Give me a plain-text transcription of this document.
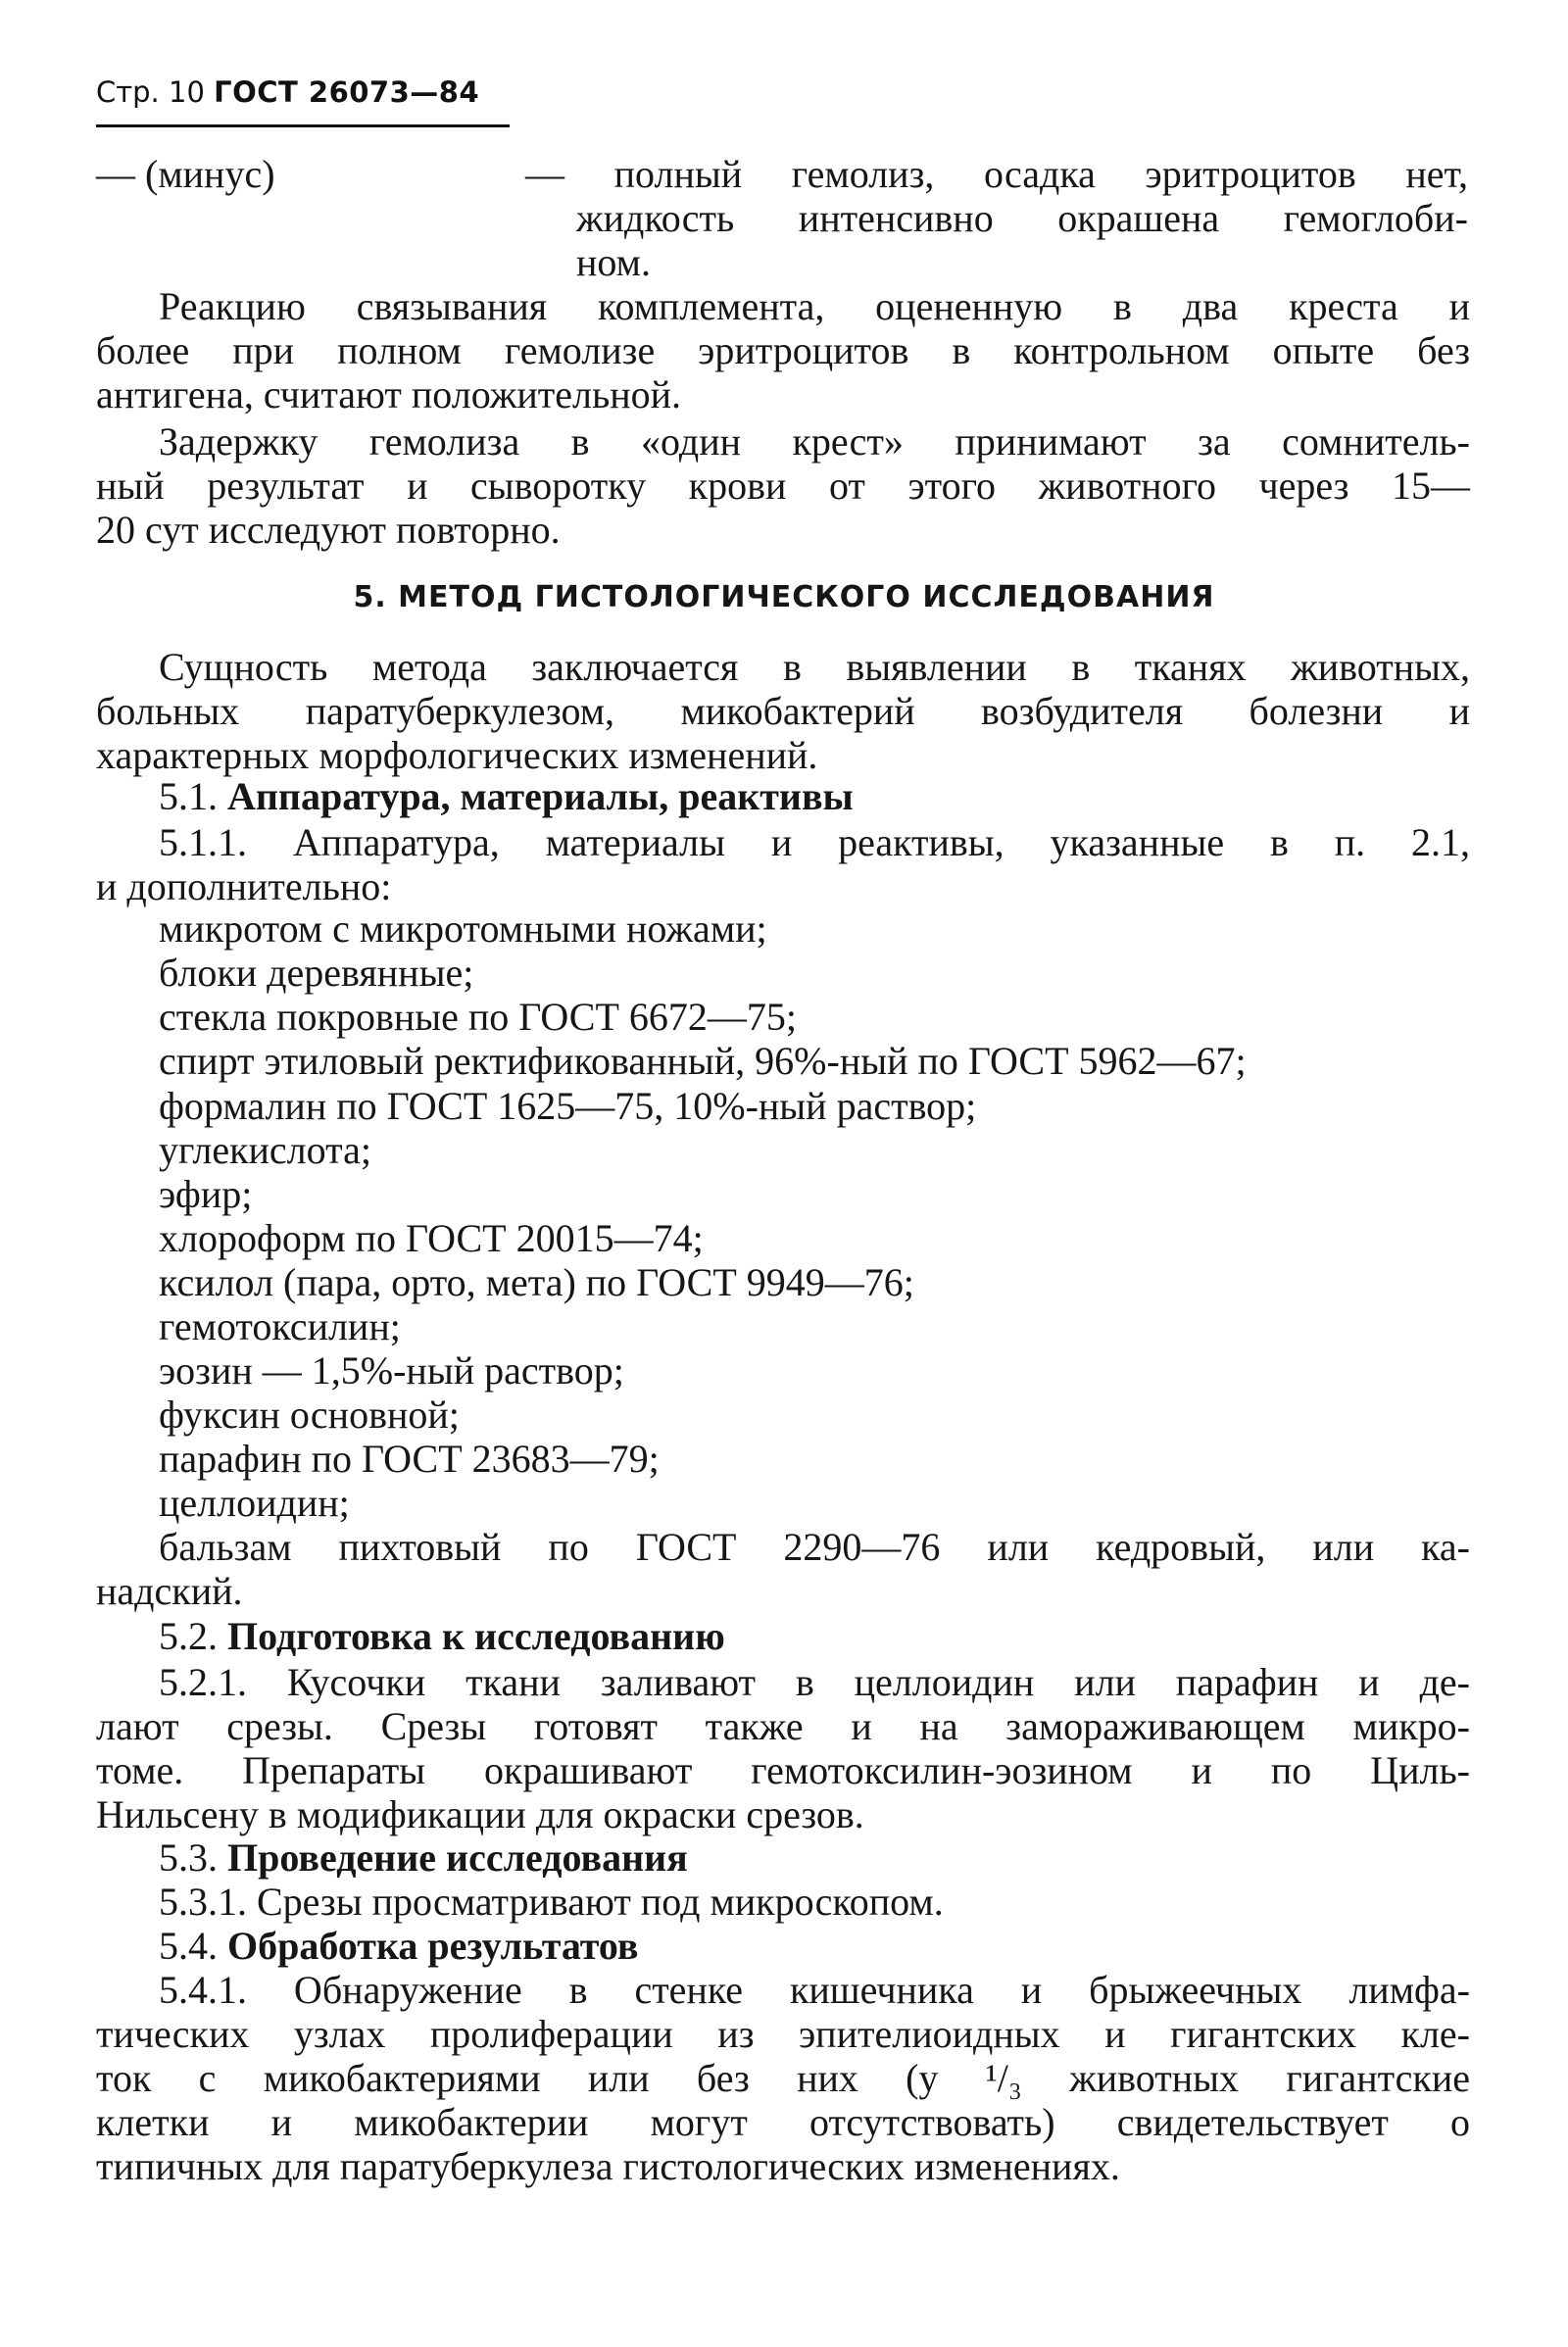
Стр. 10 ГОСТ 26073—84
— (минус)	— полный гемолиз, осадка эритроцитов нет,
жидкость интенсивно окрашена гемоглоби-
ном.
Реакцию связывания комплемента, оцененную в два креста и
более при полном гемолизе эритроцитов в контрольном опыте без
антигена, считают положительной.
Задержку гемолиза в «один крест» принимают за сомнитель-
ный результат и сыворотку крови от этого животного через 15—
20 сут исследуют повторно.
5. МЕТОД ГИСТОЛОГИЧЕСКОГО ИССЛЕДОВАНИЯ
Сущность метода заключается в выявлении в тканях животных,
больных паратуберкулезом, микобактерий возбудителя болезни и
характерных морфологических изменений.
5.1. Аппаратура, материалы, реактивы
5.1.1. Аппаратура, материалы и реактивы, указанные в п. 2.1,
и дополнительно:
микротом с микротомными ножами;
блоки деревянные;
стекла покровные по ГОСТ 6672—75;
спирт этиловый ректификованный, 96%-ный по ГОСТ 5962—67;
формалин по ГОСТ 1625—75, 10%-ный раствор;
углекислота;
эфир;
хлороформ по ГОСТ 20015—74;
ксилол (пара, орто, мета) по ГОСТ 9949—76;
гемотоксилин;
эозин — 1,5%-ный раствор;
фуксин основной;
парафин по ГОСТ 23683—79;
целлоидин;
бальзам пихтовый по ГОСТ 2290—76 или кедровый, или ка-
надский.
5.2. Подготовка к исследованию
5.2.1. Кусочки ткани заливают в целлоидин или парафин и де-
лают срезы. Срезы готовят также и на замораживающем микро-
томе. Препараты окрашивают гемотоксилин-эозином и по Циль-
Нильсену в модификации для окраски срезов.
5.3. Проведение исследования
5.3.1. Срезы просматривают под микроскопом.
5.4. Обработка результатов
5.4.1. Обнаружение в стенке кишечника и брыжеечных лимфа-
тических узлах пролиферации из эпителиоидных и гигантских кле-
ток с микобактериями или без них (у ¹/₃ животных гигантские
клетки и микобактерии могут отсутствовать) свидетельствует о
типичных для паратуберкулеза гистологических изменениях.
